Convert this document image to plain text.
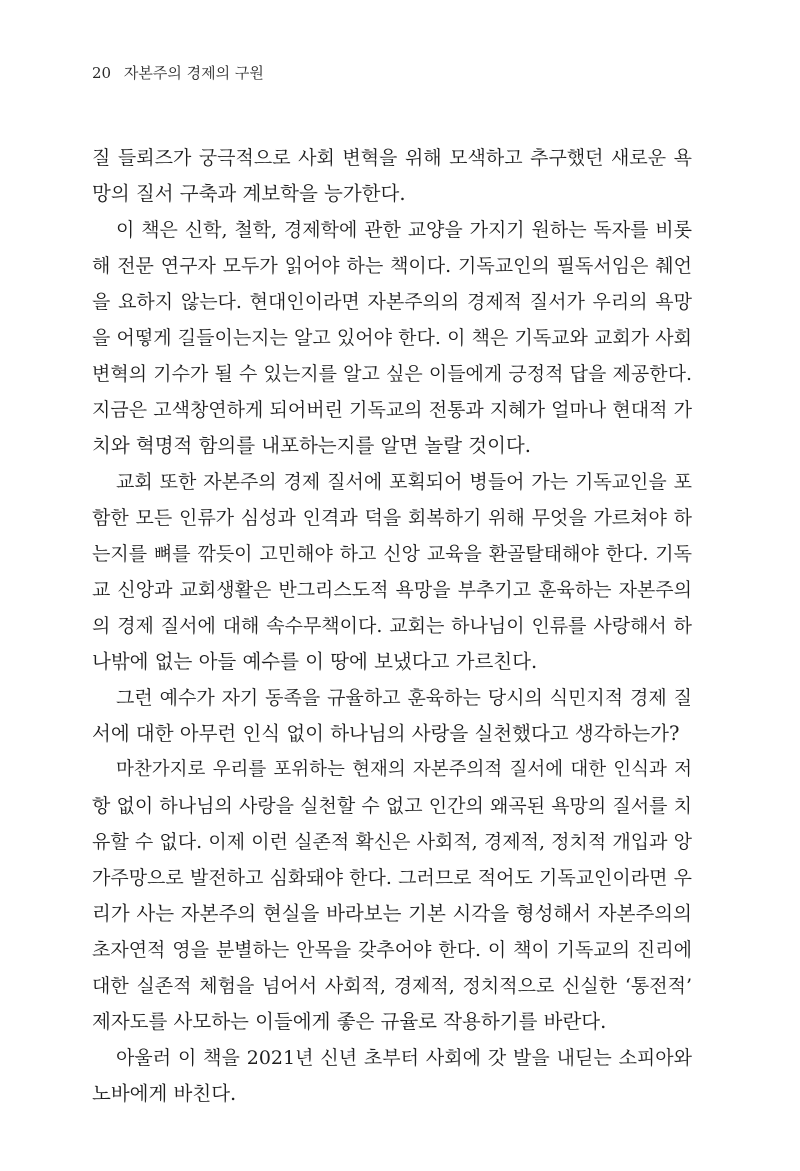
20 자본주의 경제의 구원
질 들뢰즈가 궁극적으로 사회 변혁을 위해 모색하고 추구했던 새로운 욕
망의 질서 구축과 계보학을 능가한다.
이 책은 신학, 철학, 경제학에 관한 교양을 가지기 원하는 독자를 비롯
해 전문 연구자 모두가 읽어야 하는 책이다. 기독교인의 필독서임은 췌언
을 요하지 않는다. 현대인이라면 자본주의의 경제적 질서가 우리의 욕망
을 어떻게 길들이는지는 알고 있어야 한다. 이 책은 기독교와 교회가 사회
변혁의 기수가 될 수 있는지를 알고 싶은 이들에게 긍정적 답을 제공한다.
지금은 고색창연하게 되어버린 기독교의 전통과 지혜가 얼마나 현대적 가
치와 혁명적 함의를 내포하는지를 알면 놀랄 것이다.
교회 또한 자본주의 경제 질서에 포획되어 병들어 가는 기독교인을 포
함한 모든 인류가 심성과 인격과 덕을 회복하기 위해 무엇을 가르쳐야 하
는지를 뼈를 깎듯이 고민해야 하고 신앙 교육을 환골탈태해야 한다. 기독
교 신앙과 교회생활은 반그리스도적 욕망을 부추기고 훈육하는 자본주의
의 경제 질서에 대해 속수무책이다. 교회는 하나님이 인류를 사랑해서 하
나밖에 없는 아들 예수를 이 땅에 보냈다고 가르친다.
그런 예수가 자기 동족을 규율하고 훈육하는 당시의 식민지적 경제 질
서에 대한 아무런 인식 없이 하나님의 사랑을 실천했다고 생각하는가?
마찬가지로 우리를 포위하는 현재의 자본주의적 질서에 대한 인식과 저
항 없이 하나님의 사랑을 실천할 수 없고 인간의 왜곡된 욕망의 질서를 치
유할 수 없다. 이제 이런 실존적 확신은 사회적, 경제적, 정치적 개입과 앙
가주망으로 발전하고 심화돼야 한다. 그러므로 적어도 기독교인이라면 우
리가 사는 자본주의 현실을 바라보는 기본 시각을 형성해서 자본주의의
초자연적 영을 분별하는 안목을 갖추어야 한다. 이 책이 기독교의 진리에
대한 실존적 체험을 넘어서 사회적, 경제적, 정치적으로 신실한 ‘통전적’
제자도를 사모하는 이들에게 좋은 규율로 작용하기를 바란다.
아울러 이 책을 2021년 신년 초부터 사회에 갓 발을 내딛는 소피아와
노바에게 바친다.
